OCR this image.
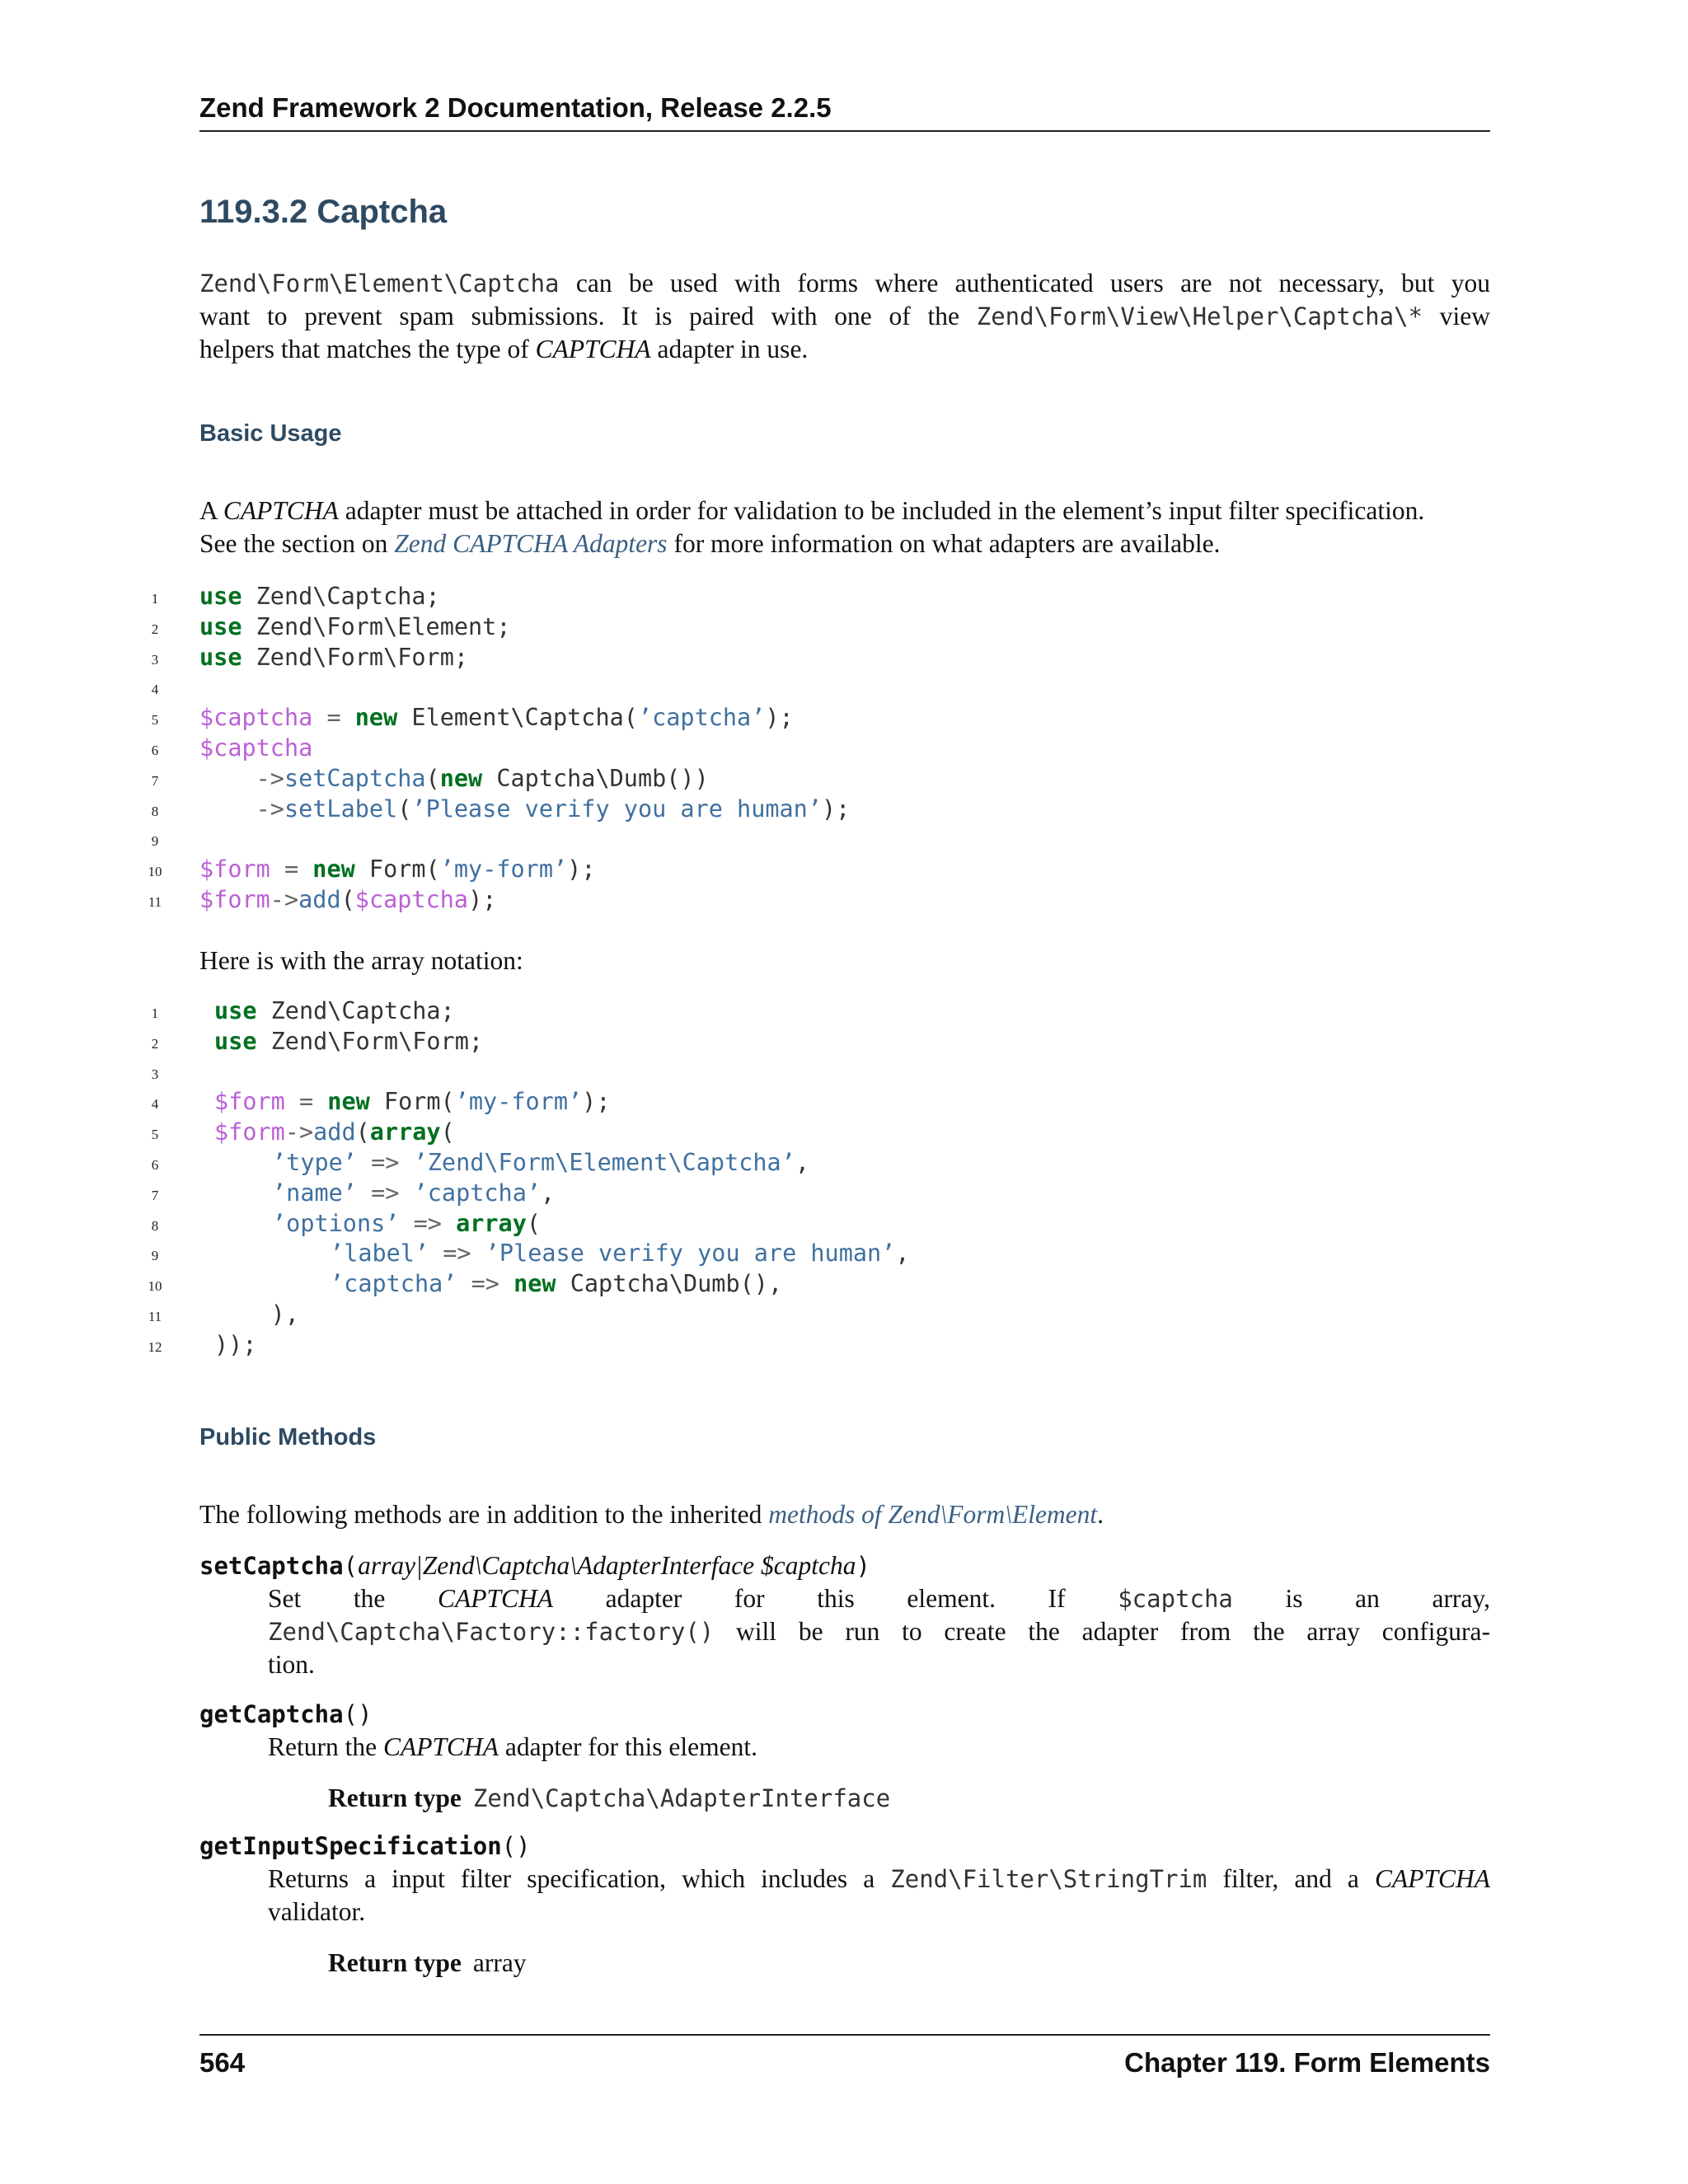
Zend Framework 2 Documentation, Release 2.2.5
119.3.2 Captcha
Zend\Form\Element\Captcha can be used with forms where authenticated users are not necessary, but you
want to prevent spam submissions. It is paired with one of the Zend\Form\View\Helper\Captcha\* view
helpers that matches the type of CAPTCHA adapter in use.
Basic Usage
A CAPTCHA adapter must be attached in order for validation to be included in the element’s input filter specification.
See the section on Zend CAPTCHA Adapters for more information on what adapters are available.
1	use Zend\Captcha;
2	use Zend\Form\Element;
3	use Zend\Form\Form;
4
5	$captcha = new Element\Captcha(’captcha’);
6	$captcha
7	->setCaptcha(new Captcha\Dumb())
8	->setLabel(’Please verify you are human’);
9
10	$form = new Form(’my-form’);
11	$form->add($captcha);
Here is with the array notation:
1	use Zend\Captcha;
2	use Zend\Form\Form;
3
4	$form = new Form(’my-form’);
5	$form->add(array(
6	’type’ => ’Zend\Form\Element\Captcha’,
7	’name’ => ’captcha’,
8	’options’ => array(
9	’label’ => ’Please verify you are human’,
10	’captcha’ => new Captcha\Dumb(),
11	),
12	));
Public Methods
The following methods are in addition to the inherited methods of Zend\Form\Element.
setCaptcha(array|Zend\Captcha\AdapterInterface $captcha)
Set the CAPTCHA adapter for this element. If $captcha is an array,
Zend\Captcha\Factory::factory() will be run to create the adapter from the array configura-
tion.
getCaptcha()
Return the CAPTCHA adapter for this element.
Return type Zend\Captcha\AdapterInterface
getInputSpecification()
Returns a input filter specification, which includes a Zend\Filter\StringTrim filter, and a CAPTCHA
validator.
Return type array
564	Chapter 119. Form Elements
